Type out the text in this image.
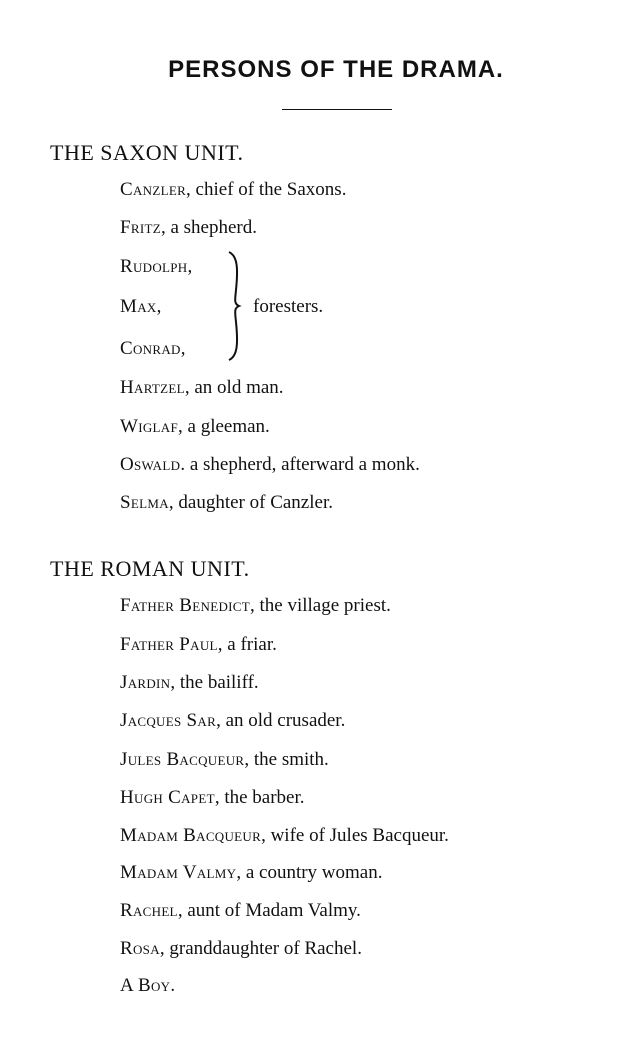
PERSONS OF THE DRAMA.
THE SAXON UNIT.
Canzler, chief of the Saxons.
Fritz, a shepherd.
Rudolph,
Max,
Conrad,
foresters.
Hartzel, an old man.
Wiglaf, a gleeman.
Oswald. a shepherd, afterward a monk.
Selma, daughter of Canzler.
THE ROMAN UNIT.
Father Benedict, the village priest.
Father Paul, a friar.
Jardin, the bailiff.
Jacques Sar, an old crusader.
Jules Bacqueur, the smith.
Hugh Capet, the barber.
Madam Bacqueur, wife of Jules Bacqueur.
Madam Valmy, a country woman.
Rachel, aunt of Madam Valmy.
Rosa, granddaughter of Rachel.
A Boy.
